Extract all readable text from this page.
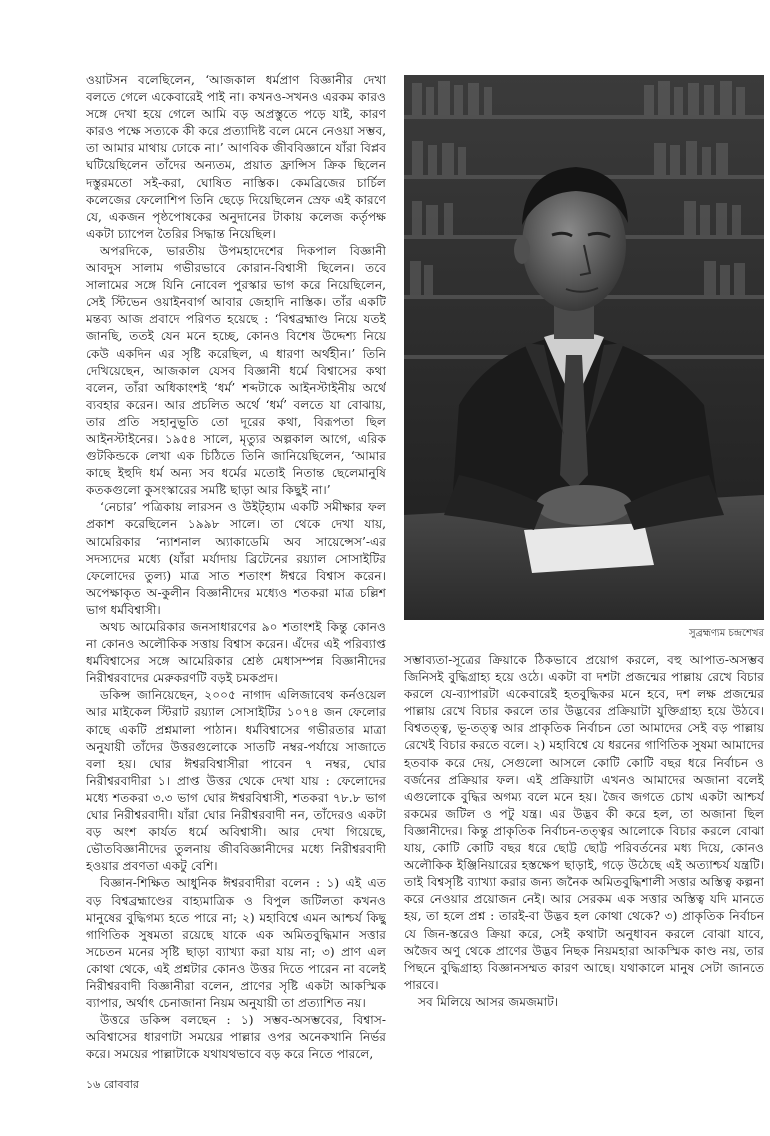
ওয়াটসন বলেছিলেন, ‘আজকাল ধর্মপ্রাণ বিজ্ঞানীর দেখা বলতে গেলে একেবারেই পাই না। কখনও-সখনও এরকম কারও সঙ্গে দেখা হয়ে গেলে আমি বড় অপ্রস্তুতে পড়ে যাই, কারণ কারও পক্ষে সত্যকে কী করে প্রত্যাদিষ্ট বলে মেনে নেওয়া সম্ভব, তা আমার মাথায় ঢোকে না।’ আণবিক জীববিজ্ঞানে যাঁরা বিপ্লব ঘটিয়েছিলেন তাঁদের অন্যতম, প্রয়াত ফ্রান্সিস ক্রিক ছিলেন দস্তুরমতো সই-করা, ঘোষিত নাস্তিক। কেমব্রিজের চার্চিল কলেজের ফেলোশিপ তিনি ছেড়ে দিয়েছিলেন স্রেফ এই কারণে যে, একজন পৃষ্ঠপোষকের অনুদানের টাকায় কলেজ কর্তৃপক্ষ একটা চ্যাপেল তৈরির সিদ্ধান্ত নিয়েছিল।

অপরদিকে, ভারতীয় উপমহাদেশের দিকপাল বিজ্ঞানী আবদুস সালাম গভীরভাবে কোরান-বিশ্বাসী ছিলেন। তবে সালামের সঙ্গে যিনি নোবেল পুরস্কার ভাগ করে নিয়েছিলেন, সেই স্টিভেন ওয়াইনবার্গ আবার জেহাদি নাস্তিক। তাঁর একটি মন্তব্য আজ প্রবাদে পরিণত হয়েছে : ‘বিশ্বব্রহ্মাণ্ড নিয়ে যতই জানছি, ততই যেন মনে হচ্ছে, কোনও বিশেষ উদ্দেশ্য নিয়ে কেউ একদিন এর সৃষ্টি করেছিল, এ ধারণা অর্থহীন।’ তিনি দেখিয়েছেন, আজকাল যেসব বিজ্ঞানী ধর্মে বিশ্বাসের কথা বলেন, তাঁরা অধিকাংশই ‘ধর্ম’ শব্দটাকে আইনস্টাইনীয় অর্থে ব্যবহার করেন। আর প্রচলিত অর্থে ‘ধর্ম’ বলতে যা বোঝায়, তার প্রতি সহানুভূতি তো দূরের কথা, বিরূপতা ছিল আইনস্টাইনের। ১৯৫৪ সালে, মৃত্যুর অল্পকাল আগে, এরিক গুটকিন্ডকে লেখা এক চিঠিতে তিনি জানিয়েছিলেন, ‘আমার কাছে ইহুদি ধর্ম অন্য সব ধর্মের মতোই নিতান্ত ছেলেমানুষি কতকগুলো কুসংস্কারের সমষ্টি ছাড়া আর কিছুই না।’

‘নেচার’ পত্রিকায় লারসন ও উইট্‌হ্যাম একটি সমীক্ষার ফল প্রকাশ করেছিলেন ১৯৯৮ সালে। তা থেকে দেখা যায়, আমেরিকার ‘ন্যাশনাল অ্যাকাডেমি অব সায়েন্সেস’-এর সদস্যদের মধ্যে (যাঁরা মর্যাদায় ব্রিটেনের রয়্যাল সোসাইটির ফেলোদের তুল্য) মাত্র সাত শতাংশ ঈশ্বরে বিশ্বাস করেন। অপেক্ষাকৃত অ-কুলীন বিজ্ঞানীদের মধ্যেও শতকরা মাত্র চল্লিশ ভাগ ধর্মবিশ্বাসী।

অথচ আমেরিকার জনসাধারণের ৯০ শতাংশই কিন্তু কোনও না কোনও অলৌকিক সত্তায় বিশ্বাস করেন। এঁদের এই পরিব্যাপ্ত ধর্মবিশ্বাসের সঙ্গে আমেরিকার শ্রেষ্ঠ মেধাসম্পন্ন বিজ্ঞানীদের নিরীশ্বরবাদের মেরুকরণটি বড়ই চমকপ্রদ।

ডকিন্স জানিয়েছেন, ২০০৫ নাগাদ এলিজাবেথ কর্নওয়েল আর মাইকেল স্টিরাট রয়্যাল সোসাইটির ১০৭৪ জন ফেলোর কাছে একটি প্রশ্নমালা পাঠান। ধর্মবিশ্বাসের গভীরতার মাত্রা অনুযায়ী তাঁদের উত্তরগুলোকে সাতটি নম্বর-পর্যায়ে সাজাতে বলা হয়। ঘোর ঈশ্বরবিশ্বাসীরা পাবেন ৭ নম্বর, ঘোর নিরীশ্বরবাদীরা ১। প্রাপ্ত উত্তর থেকে দেখা যায় : ফেলোদের মধ্যে শতকরা ৩.৩ ভাগ ঘোর ঈশ্বরবিশ্বাসী, শতকরা ৭৮.৮ ভাগ ঘোর নিরীশ্বরবাদী। যাঁরা ঘোর নিরীশ্বরবাদী নন, তাঁদেরও একটা বড় অংশ কার্যত ধর্মে অবিশ্বাসী। আর দেখা গিয়েছে, ভৌতবিজ্ঞানীদের তুলনায় জীববিজ্ঞানীদের মধ্যে নিরীশ্বরবাদী হওয়ার প্রবণতা একটু বেশি।

বিজ্ঞান-শিক্ষিত আধুনিক ঈশ্বরবাদীরা বলেন : ১) এই এত বড় বিশ্বব্রহ্মাণ্ডের বাহ্যমাত্রিক ও বিপুল জটিলতা কখনও মানুষের বুদ্ধিগম্য হতে পারে না; ২) মহাবিশ্বে এমন আশ্চর্য কিছু গাণিতিক সুষমতা রয়েছে যাকে এক অমিতবুদ্ধিমান সত্তার সচেতন মনের সৃষ্টি ছাড়া ব্যাখ্যা করা যায় না; ৩) প্রাণ এল কোথা থেকে, এই প্রশ্নটার কোনও উত্তর দিতে পারেন না বলেই নিরীশ্বরবাদী বিজ্ঞানীরা বলেন, প্রাণের সৃষ্টি একটা আকস্মিক ব্যাপার, অর্থাৎ চেনাজানা নিয়ম অনুযায়ী তা প্রত্যাশিত নয়।

উত্তরে ডকিন্স বলছেন : ১) সম্ভব-অসম্ভবের, বিশ্বাস-অবিশ্বাসের ধারণাটা সময়ের পাল্লার ওপর অনেকখানি নির্ভর করে। সময়ের পাল্লাটাকে যথাযথভাবে বড় করে নিতে পারলে,

সুব্রহ্মণ্যম চন্দ্রশেখর

সম্ভাব্যতা-সূত্রের ক্রিয়াকে ঠিকভাবে প্রয়োগ করলে, বহু আপাত-অসম্ভব জিনিসই বুদ্ধিগ্রাহ্য হয়ে ওঠে। একটা বা দশটা প্রজন্মের পাল্লায় রেখে বিচার করলে যে-ব্যাপারটা একেবারেই হতবুদ্ধিকর মনে হবে, দশ লক্ষ প্রজন্মের পাল্লায় রেখে বিচার করলে তার উদ্ভবের প্রক্রিয়াটা যুক্তিগ্রাহ্য হয়ে উঠবে। বিশ্বতত্ত্ব, ভূ-তত্ত্ব আর প্রাকৃতিক নির্বাচন তো আমাদের সেই বড় পাল্লায় রেখেই বিচার করতে বলে। ২) মহাবিশ্বে যে ধরনের গাণিতিক সুষমা আমাদের হতবাক করে দেয়, সেগুলো আসলে কোটি কোটি বছর ধরে নির্বাচন ও বর্জনের প্রক্রিয়ার ফল। এই প্রক্রিয়াটা এখনও আমাদের অজানা বলেই এগুলোকে বুদ্ধির অগম্য বলে মনে হয়। জৈব জগতে চোখ একটা আশ্চর্য রকমের জটিল ও পটু যন্ত্র। এর উদ্ভব কী করে হল, তা অজানা ছিল বিজ্ঞানীদের। কিন্তু প্রাকৃতিক নির্বাচন-তত্ত্বর আলোকে বিচার করলে বোঝা যায়, কোটি কোটি বছর ধরে ছোট্ট ছোট্ট পরিবর্তনের মধ্য দিয়ে, কোনও অলৌকিক ইঞ্জিনিয়ারের হস্তক্ষেপ ছাড়াই, গড়ে উঠেছে এই অত্যাশ্চর্য যন্ত্রটি। তাই বিশ্বসৃষ্টি ব্যাখ্যা করার জন্য জনৈক অমিতবুদ্ধিশালী সত্তার অস্তিত্ব কল্পনা করে নেওয়ার প্রয়োজন নেই। আর সেরকম এক সত্তার অস্তিত্ব যদি মানতে হয়, তা হলে প্রশ্ন : তারই-বা উদ্ভব হল কোথা থেকে? ৩) প্রাকৃতিক নির্বাচন যে জিন-স্তরেও ক্রিয়া করে, সেই কথাটা অনুধাবন করলে বোঝা যাবে, অজৈব অণু থেকে প্রাণের উদ্ভব নিছক নিয়মহারা আকস্মিক কাণ্ড নয়, তার পিছনে বুদ্ধিগ্রাহ্য বিজ্ঞানসম্মত কারণ আছে। যথাকালে মানুষ সেটা জানতে পারবে।

সব মিলিয়ে আসর জমজমাট।

১৬ রোববার
